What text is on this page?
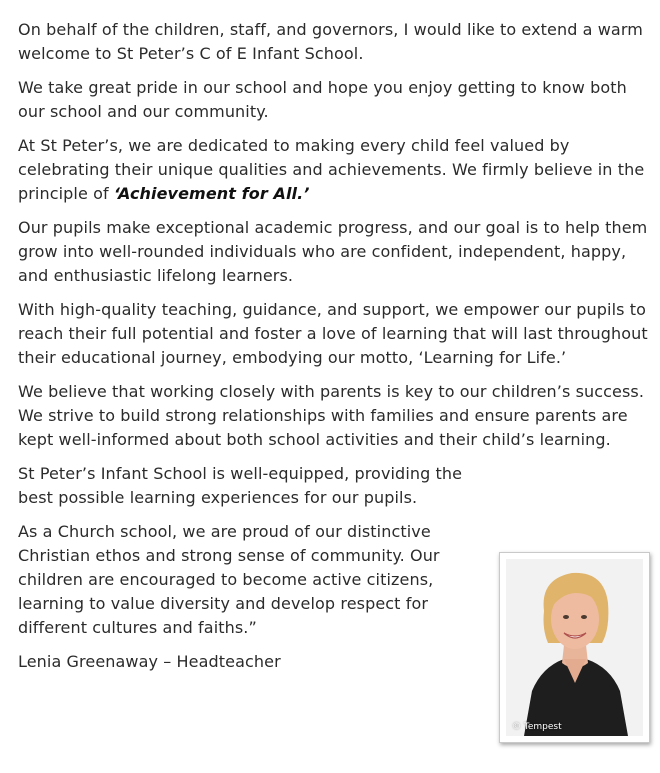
On behalf of the children, staff, and governors, I would like to extend a warm welcome to St Peter’s C of E Infant School.

We take great pride in our school and hope you enjoy getting to know both our school and our community.

At St Peter’s, we are dedicated to making every child feel valued by celebrating their unique qualities and achievements. We firmly believe in the principle of ‘Achievement for All.’

Our pupils make exceptional academic progress, and our goal is to help them grow into well-rounded individuals who are confident, independent, happy, and enthusiastic lifelong learners.

With high-quality teaching, guidance, and support, we empower our pupils to reach their full potential and foster a love of learning that will last throughout their educational journey, embodying our motto, ‘Learning for Life.’

We believe that working closely with parents is key to our children’s success. We strive to build strong relationships with families and ensure parents are kept well-informed about both school activities and their child’s learning.

St Peter’s Infant School is well-equipped, providing the best possible learning experiences for our pupils.

As a Church school, we are proud of our distinctive Christian ethos and strong sense of community. Our children are encouraged to become active citizens, learning to value diversity and develop respect for different cultures and faiths.”

Lenia Greenaway – Headteacher

© Tempest
